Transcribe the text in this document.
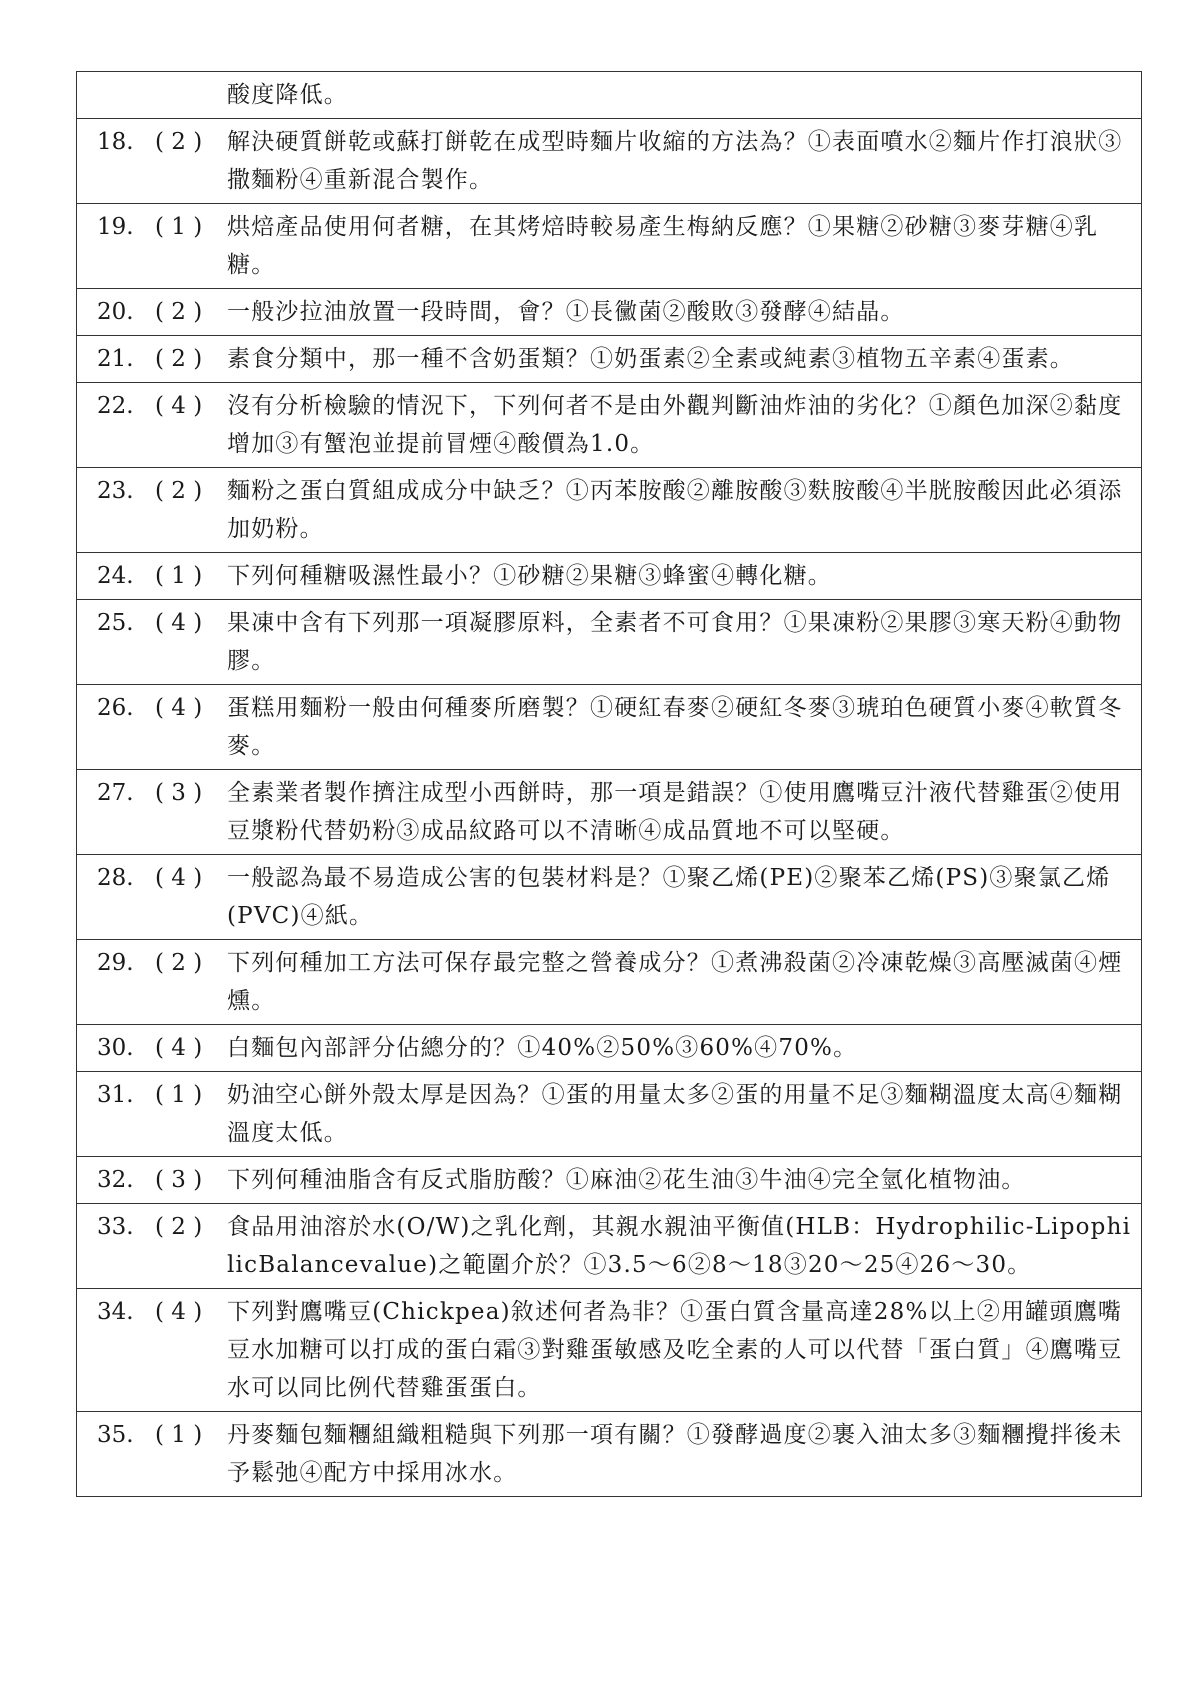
酸度降低。
18. ( 2 )	解決硬質餅乾或蘇打餅乾在成型時麵片收縮的方法為？①表面噴水②麵片作打浪狀③撒麵粉④重新混合製作。
19. ( 1 )	烘焙產品使用何者糖，在其烤焙時較易產生梅納反應？①果糖②砂糖③麥芽糖④乳糖。
20. ( 2 )	一般沙拉油放置一段時間，會？①長黴菌②酸敗③發酵④結晶。
21. ( 2 )	素食分類中，那一種不含奶蛋類？①奶蛋素②全素或純素③植物五辛素④蛋素。
22. ( 4 )	沒有分析檢驗的情況下，下列何者不是由外觀判斷油炸油的劣化？①顏色加深②黏度增加③有蟹泡並提前冒煙④酸價為1.0。
23. ( 2 )	麵粉之蛋白質組成成分中缺乏？①丙苯胺酸②離胺酸③麩胺酸④半胱胺酸因此必須添加奶粉。
24. ( 1 )	下列何種糖吸濕性最小？①砂糖②果糖③蜂蜜④轉化糖。
25. ( 4 )	果凍中含有下列那一項凝膠原料，全素者不可食用？①果凍粉②果膠③寒天粉④動物膠。
26. ( 4 )	蛋糕用麵粉一般由何種麥所磨製？①硬紅春麥②硬紅冬麥③琥珀色硬質小麥④軟質冬麥。
27. ( 3 )	全素業者製作擠注成型小西餅時，那一項是錯誤？①使用鷹嘴豆汁液代替雞蛋②使用豆漿粉代替奶粉③成品紋路可以不清晰④成品質地不可以堅硬。
28. ( 4 )	一般認為最不易造成公害的包裝材料是？①聚乙烯(PE)②聚苯乙烯(PS)③聚氯乙烯(PVC)④紙。
29. ( 2 )	下列何種加工方法可保存最完整之營養成分？①煮沸殺菌②冷凍乾燥③高壓滅菌④煙燻。
30. ( 4 )	白麵包內部評分佔總分的？①40%②50%③60%④70%。
31. ( 1 )	奶油空心餅外殼太厚是因為？①蛋的用量太多②蛋的用量不足③麵糊溫度太高④麵糊溫度太低。
32. ( 3 )	下列何種油脂含有反式脂肪酸？①麻油②花生油③牛油④完全氫化植物油。
33. ( 2 )	食品用油溶於水(O/W)之乳化劑，其親水親油平衡值(HLB：Hydrophilic-LipophilicBalancevalue)之範圍介於？①3.5～6②8～18③20～25④26～30。
34. ( 4 )	下列對鷹嘴豆(Chickpea)敘述何者為非？①蛋白質含量高達28%以上②用罐頭鷹嘴豆水加糖可以打成的蛋白霜③對雞蛋敏感及吃全素的人可以代替「蛋白質」④鷹嘴豆水可以同比例代替雞蛋蛋白。
35. ( 1 )	丹麥麵包麵糰組織粗糙與下列那一項有關？①發酵過度②裹入油太多③麵糰攪拌後未予鬆弛④配方中採用冰水。
